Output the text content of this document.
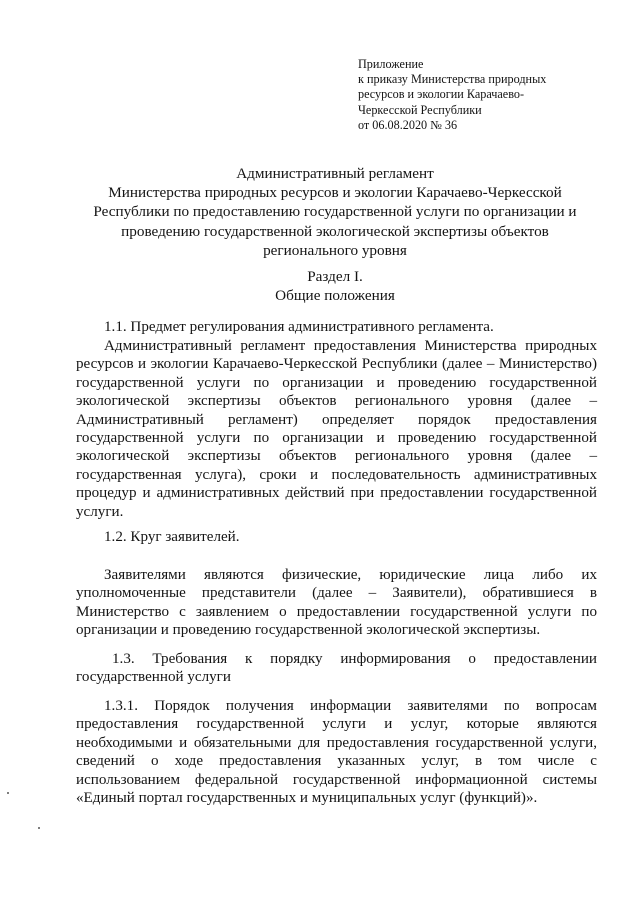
Приложение
к приказу Министерства природных
ресурсов и экологии Карачаево-
Черкесской Республики
от 06.08.2020 № 36
Административный регламент
Министерства природных ресурсов и экологии Карачаево-Черкесской
Республики по предоставлению государственной услуги по организации и
проведению государственной экологической экспертизы объектов
регионального уровня
Раздел I.
Общие положения
1.1. Предмет регулирования административного регламента.
Административный регламент предоставления Министерства природных
ресурсов и экологии Карачаево-Черкесской Республики (далее – Министерство)
государственной услуги по организации и проведению государственной
экологической экспертизы объектов регионального уровня (далее –
Административный регламент) определяет порядок предоставления
государственной услуги по организации и проведению государственной
экологической экспертизы объектов регионального уровня (далее –
государственная услуга), сроки и последовательность административных
процедур и административных действий при предоставлении государственной
услуги.
1.2. Круг заявителей.
Заявителями являются физические, юридические лица либо их
уполномоченные представители (далее – Заявители), обратившиеся в
Министерство с заявлением о предоставлении государственной услуги по
организации и проведению государственной экологической экспертизы.
1.3. Требования к порядку информирования о предоставлении
государственной услуги
1.3.1. Порядок получения информации заявителями по вопросам
предоставления государственной услуги и услуг, которые являются
необходимыми и обязательными для предоставления государственной услуги,
сведений о ходе предоставления указанных услуг, в том числе с
использованием федеральной государственной информационной системы
«Единый портал государственных и муниципальных услуг (функций)».
